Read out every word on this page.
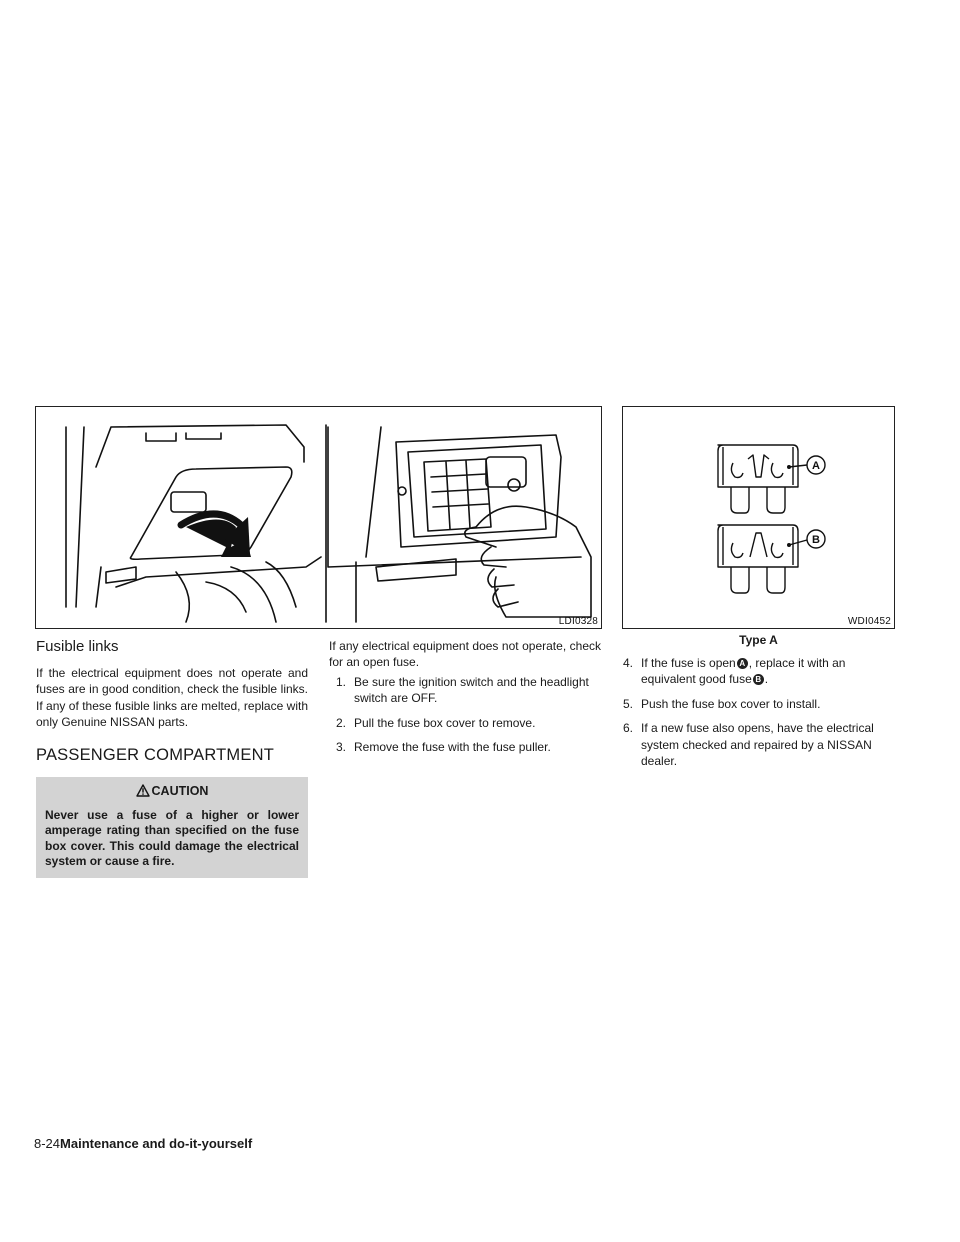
LDI0328
A
B
WDI0452
Type A
Fusible links

If the electrical equipment does not operate and fuses are in good condition, check the fusible links. If any of these fusible links are melted, replace with only Genuine NISSAN parts.

PASSENGER COMPARTMENT
CAUTION
Never use a fuse of a higher or lower amperage rating than specified on the fuse box cover. This could damage the electrical system or cause a fire.

If any electrical equipment does not operate, check for an open fuse.

1. Be sure the ignition switch and the headlight switch are OFF.
2. Pull the fuse box cover to remove.
3. Remove the fuse with the fuse puller.
4. If the fuse is open A , replace it with an equivalent good fuse B .
5. Push the fuse box cover to install.
6. If a new fuse also opens, have the electrical system checked and repaired by a NISSAN dealer.
8-24Maintenance and do-it-yourself
